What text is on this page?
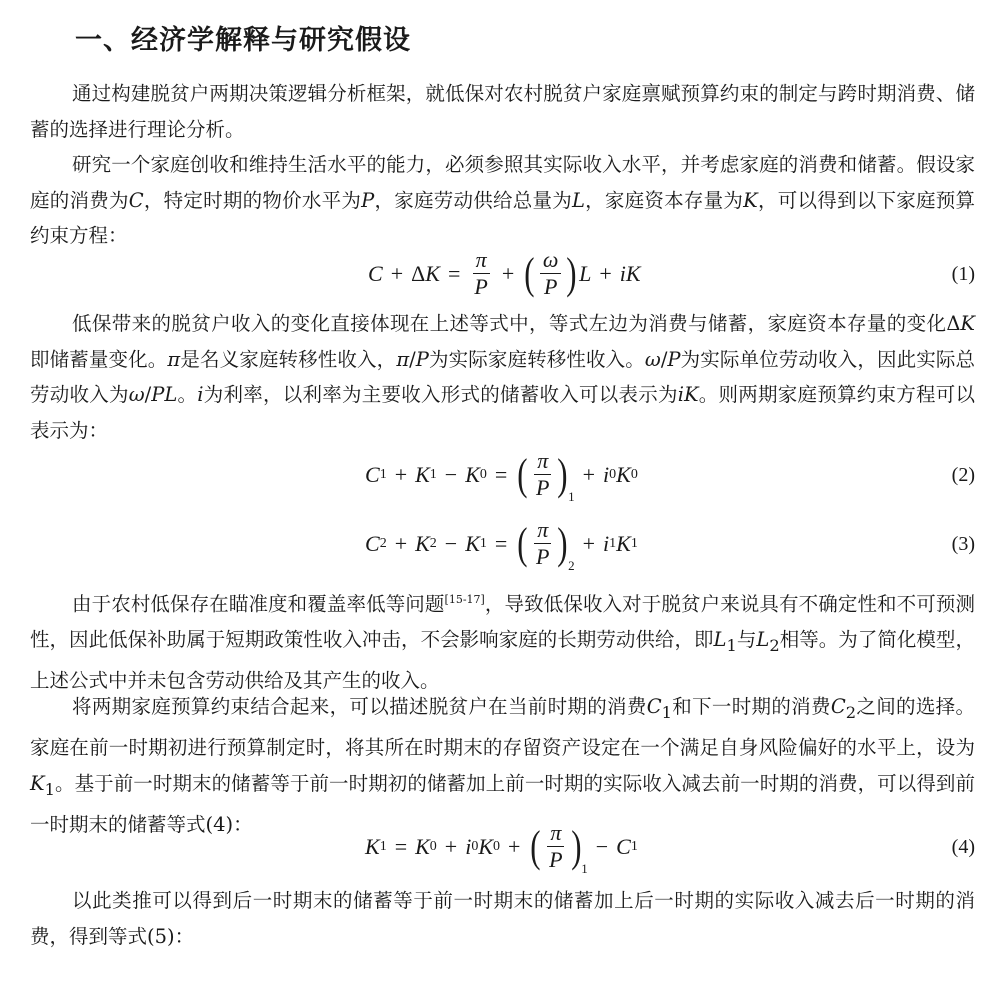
一、经济学解释与研究假设

通过构建脱贫户两期决策逻辑分析框架，就低保对农村脱贫户家庭禀赋预算约束的制定与跨时期消费、储蓄的选择进行理论分析。

研究一个家庭创收和维持生活水平的能力，必须参照其实际收入水平，并考虑家庭的消费和储蓄。假设家庭的消费为C，特定时期的物价水平为P，家庭劳动供给总量为L，家庭资本存量为K，可以得到以下家庭预算约束方程：

C + Δ $K = \frac{\pi}{P}$ + ( $\frac{\omega}{P}$ ) L + iK	(1)

低保带来的脱贫户收入的变化直接体现在上述等式中，等式左边为消费与储蓄，家庭资本存量的变化ΔK即储蓄量变化。π是名义家庭转移性收入，π/P为实际家庭转移性收入。ω/P为实际单位劳动收入，因此实际总劳动收入为ω/PL。i为利率，以利率为主要收入形式的储蓄收入可以表示为iK。则两期家庭预算约束方程可以表示为：

C 1 + K 1 − K 0 = ( $\frac{\pi}{P}$ ) 1
+ i 0 K 0	(2)
C 2 + K 2 − K 1 = ( $\frac{\pi}{P}$ ) 2
+ i 1 K 1	(3)

由于农村低保存在瞄准度和覆盖率低等问题[15-17]，导致低保收入对于脱贫户来说具有不确定性和不可预测性，因此低保补助属于短期政策性收入冲击，不会影响家庭的长期劳动供给，即$L_1$与$L_2$相等。为了简化模型，上述公式中并未包含劳动供给及其产生的收入。

将两期家庭预算约束结合起来，可以描述脱贫户在当前时期的消费$C_1$和下一时期的消费$C_2$之间的选择。家庭在前一时期初进行预算制定时，将其所在时期末的存留资产设定在一个满足自身风险偏好的水平上，设为$K_1$。基于前一时期末的储蓄等于前一时期初的储蓄加上前一时期的实际收入减去前一时期的消费，可以得到前一时期末的储蓄等式(4)：

K 1 = K 0 + i 0 K 0 + ( $\frac{\pi}{P}$ ) 1
− C 1	(4)

以此类推可以得到后一时期末的储蓄等于前一时期末的储蓄加上后一时期的实际收入减去后一时期的消费，得到等式(5)：
